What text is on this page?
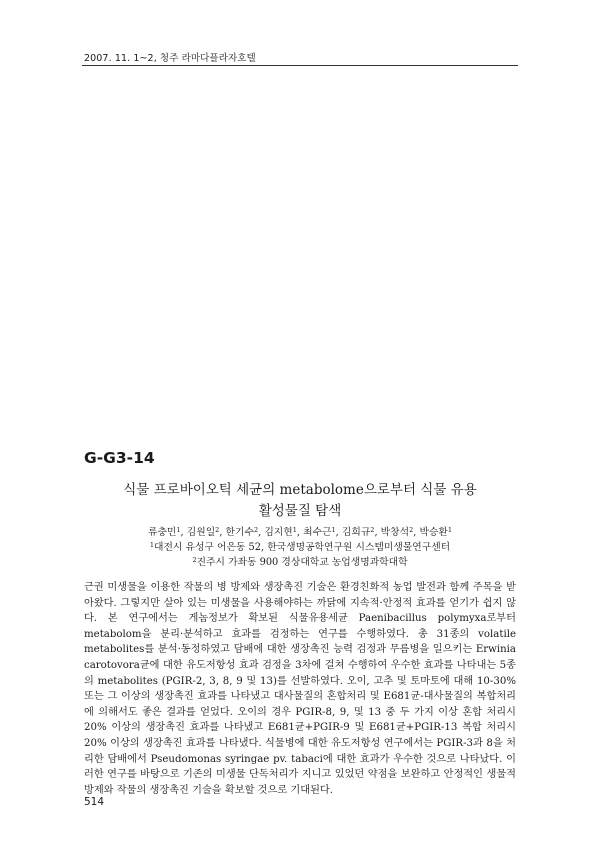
2007. 11. 1~2, 청주 라마다플라자호텔
G-G3-14
식물 프로바이오틱 세균의 metabolome으로부터 식물 유용
활성물질 탐색
류충민$^1$, 김원일$^2$, 한기수$^2$, 김지현$^1$, 최수근$^1$, 김희규$^2$, 박창석$^2$, 박승환$^1$
$^1$대전시 유성구 어은동 52, 한국생명공학연구원 시스템미생물연구센터
$^2$진주시 가좌동 900 경상대학교 농업생명과학대학

근권 미생물을 이용한 작물의 병 방제와 생장촉진 기술은 환경친화적 농업 발전과 함께 주목을 받아왔다. 그렇지만 살아 있는 미생물을 사용해야하는 까닭에 지속적·안정적 효과를 얻기가 쉽지 않다. 본 연구에서는 게놈정보가 확보된 식물유용세균 Paenibacillus polymyxa로부터 metabolom을 분리·분석하고 효과를 검정하는 연구를 수행하였다. 총 31종의 volatile metabolites를 분석·동정하였고 담배에 대한 생장촉진 능력 검정과 무름병을 일으키는 Erwinia carotovora균에 대한 유도저항성 효과 검정을 3차에 걸쳐 수행하여 우수한 효과를 나타내는 5종의 metabolites (PGIR-2, 3, 8, 9 및 13)를 선발하였다. 오이, 고추 및 토마토에 대해 10-30% 또는 그 이상의 생장촉진 효과를 나타냈고 대사물질의 혼합처리 및 E681균-대사물질의 복합처리에 의해서도 좋은 결과를 얻었다. 오이의 경우 PGIR-8, 9, 및 13 중 두 가지 이상 혼합 처리시 20% 이상의 생장촉진 효과를 나타냈고 E681균+PGIR-9 및 E681균+PGIR-13 복합 처리시 20% 이상의 생장촉진 효과를 나타냈다. 식물병에 대한 유도저항성 연구에서는 PGIR-3과 8을 처리한 담배에서 Pseudomonas syringae pv. tabaci에 대한 효과가 우수한 것으로 나타났다. 이러한 연구를 바탕으로 기존의 미생물 단독처리가 지니고 있었던 약점을 보완하고 안정적인 생물적방제와 작물의 생장촉진 기술을 확보할 것으로 기대된다.

514
